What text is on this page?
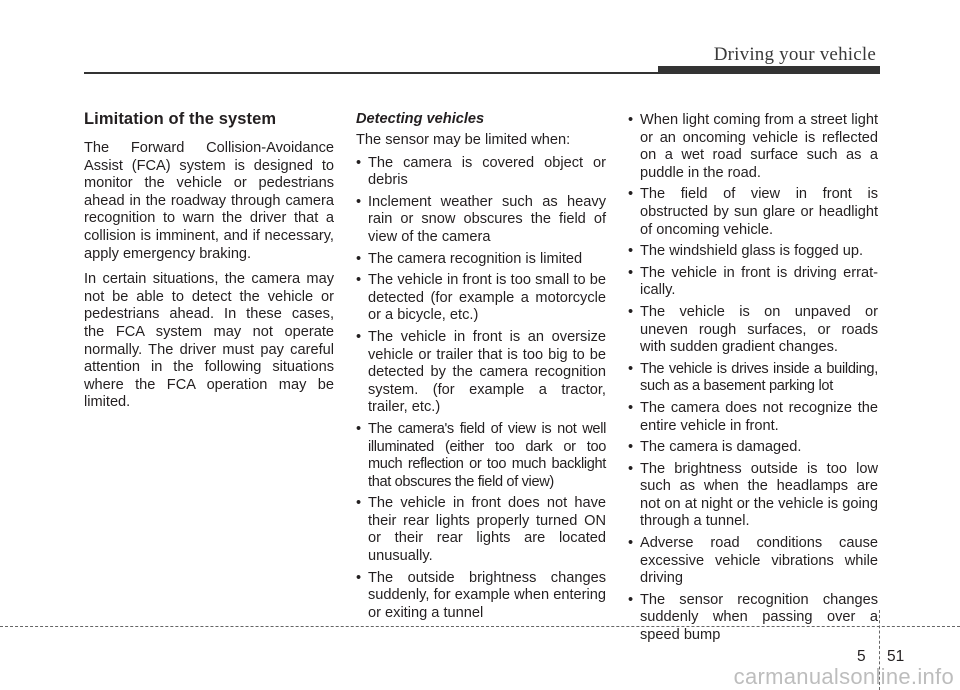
Driving your vehicle
Limitation of the system

The Forward Collision-Avoidance Assist (FCA) system is designed to monitor the vehicle or pedestrians ahead in the roadway through camera recognition to warn the driver that a collision is imminent, and if necessary, apply emergency braking.

In certain situations, the camera may not be able to detect the vehicle or pedestrians ahead. In these cases, the FCA system may not operate normally. The driver must pay careful attention in the following situations where the FCA operation may be limited.

Detecting vehicles

The sensor may be limited when:

• The camera is covered object or debris
• Inclement weather such as heavy rain or snow obscures the field of view of the camera
• The camera recognition is limited
• The vehicle in front is too small to be detected (for example a motorcycle or a bicycle, etc.)
• The vehicle in front is an oversize vehicle or trailer that is too big to be detected by the camera recognition system. (for example a tractor, trailer, etc.)
• The camera's field of view is not well illuminated (either too dark or too much reflection or too much backlight that obscures the field of view)
• The vehicle in front does not have their rear lights properly turned ON or their rear lights are located unusually.
• The outside brightness changes suddenly, for example when entering or exiting a tunnel
• When light coming from a street light or an oncoming vehicle is reflected on a wet road surface such as a puddle in the road.
• The field of view in front is obstructed by sun glare or headlight of oncoming vehicle.
• The windshield glass is fogged up.
• The vehicle in front is driving erratically.
• The vehicle is on unpaved or uneven rough surfaces, or roads with sudden gradient changes.
• The vehicle is drives inside a building, such as a basement parking lot
• The camera does not recognize the entire vehicle in front.
• The camera is damaged.
• The brightness outside is too low such as when the headlamps are not on at night or the vehicle is going through a tunnel.
• Adverse road conditions cause excessive vehicle vibrations while driving
• The sensor recognition changes suddenly when passing over a speed bump
5 51
carmanualsonline.info
